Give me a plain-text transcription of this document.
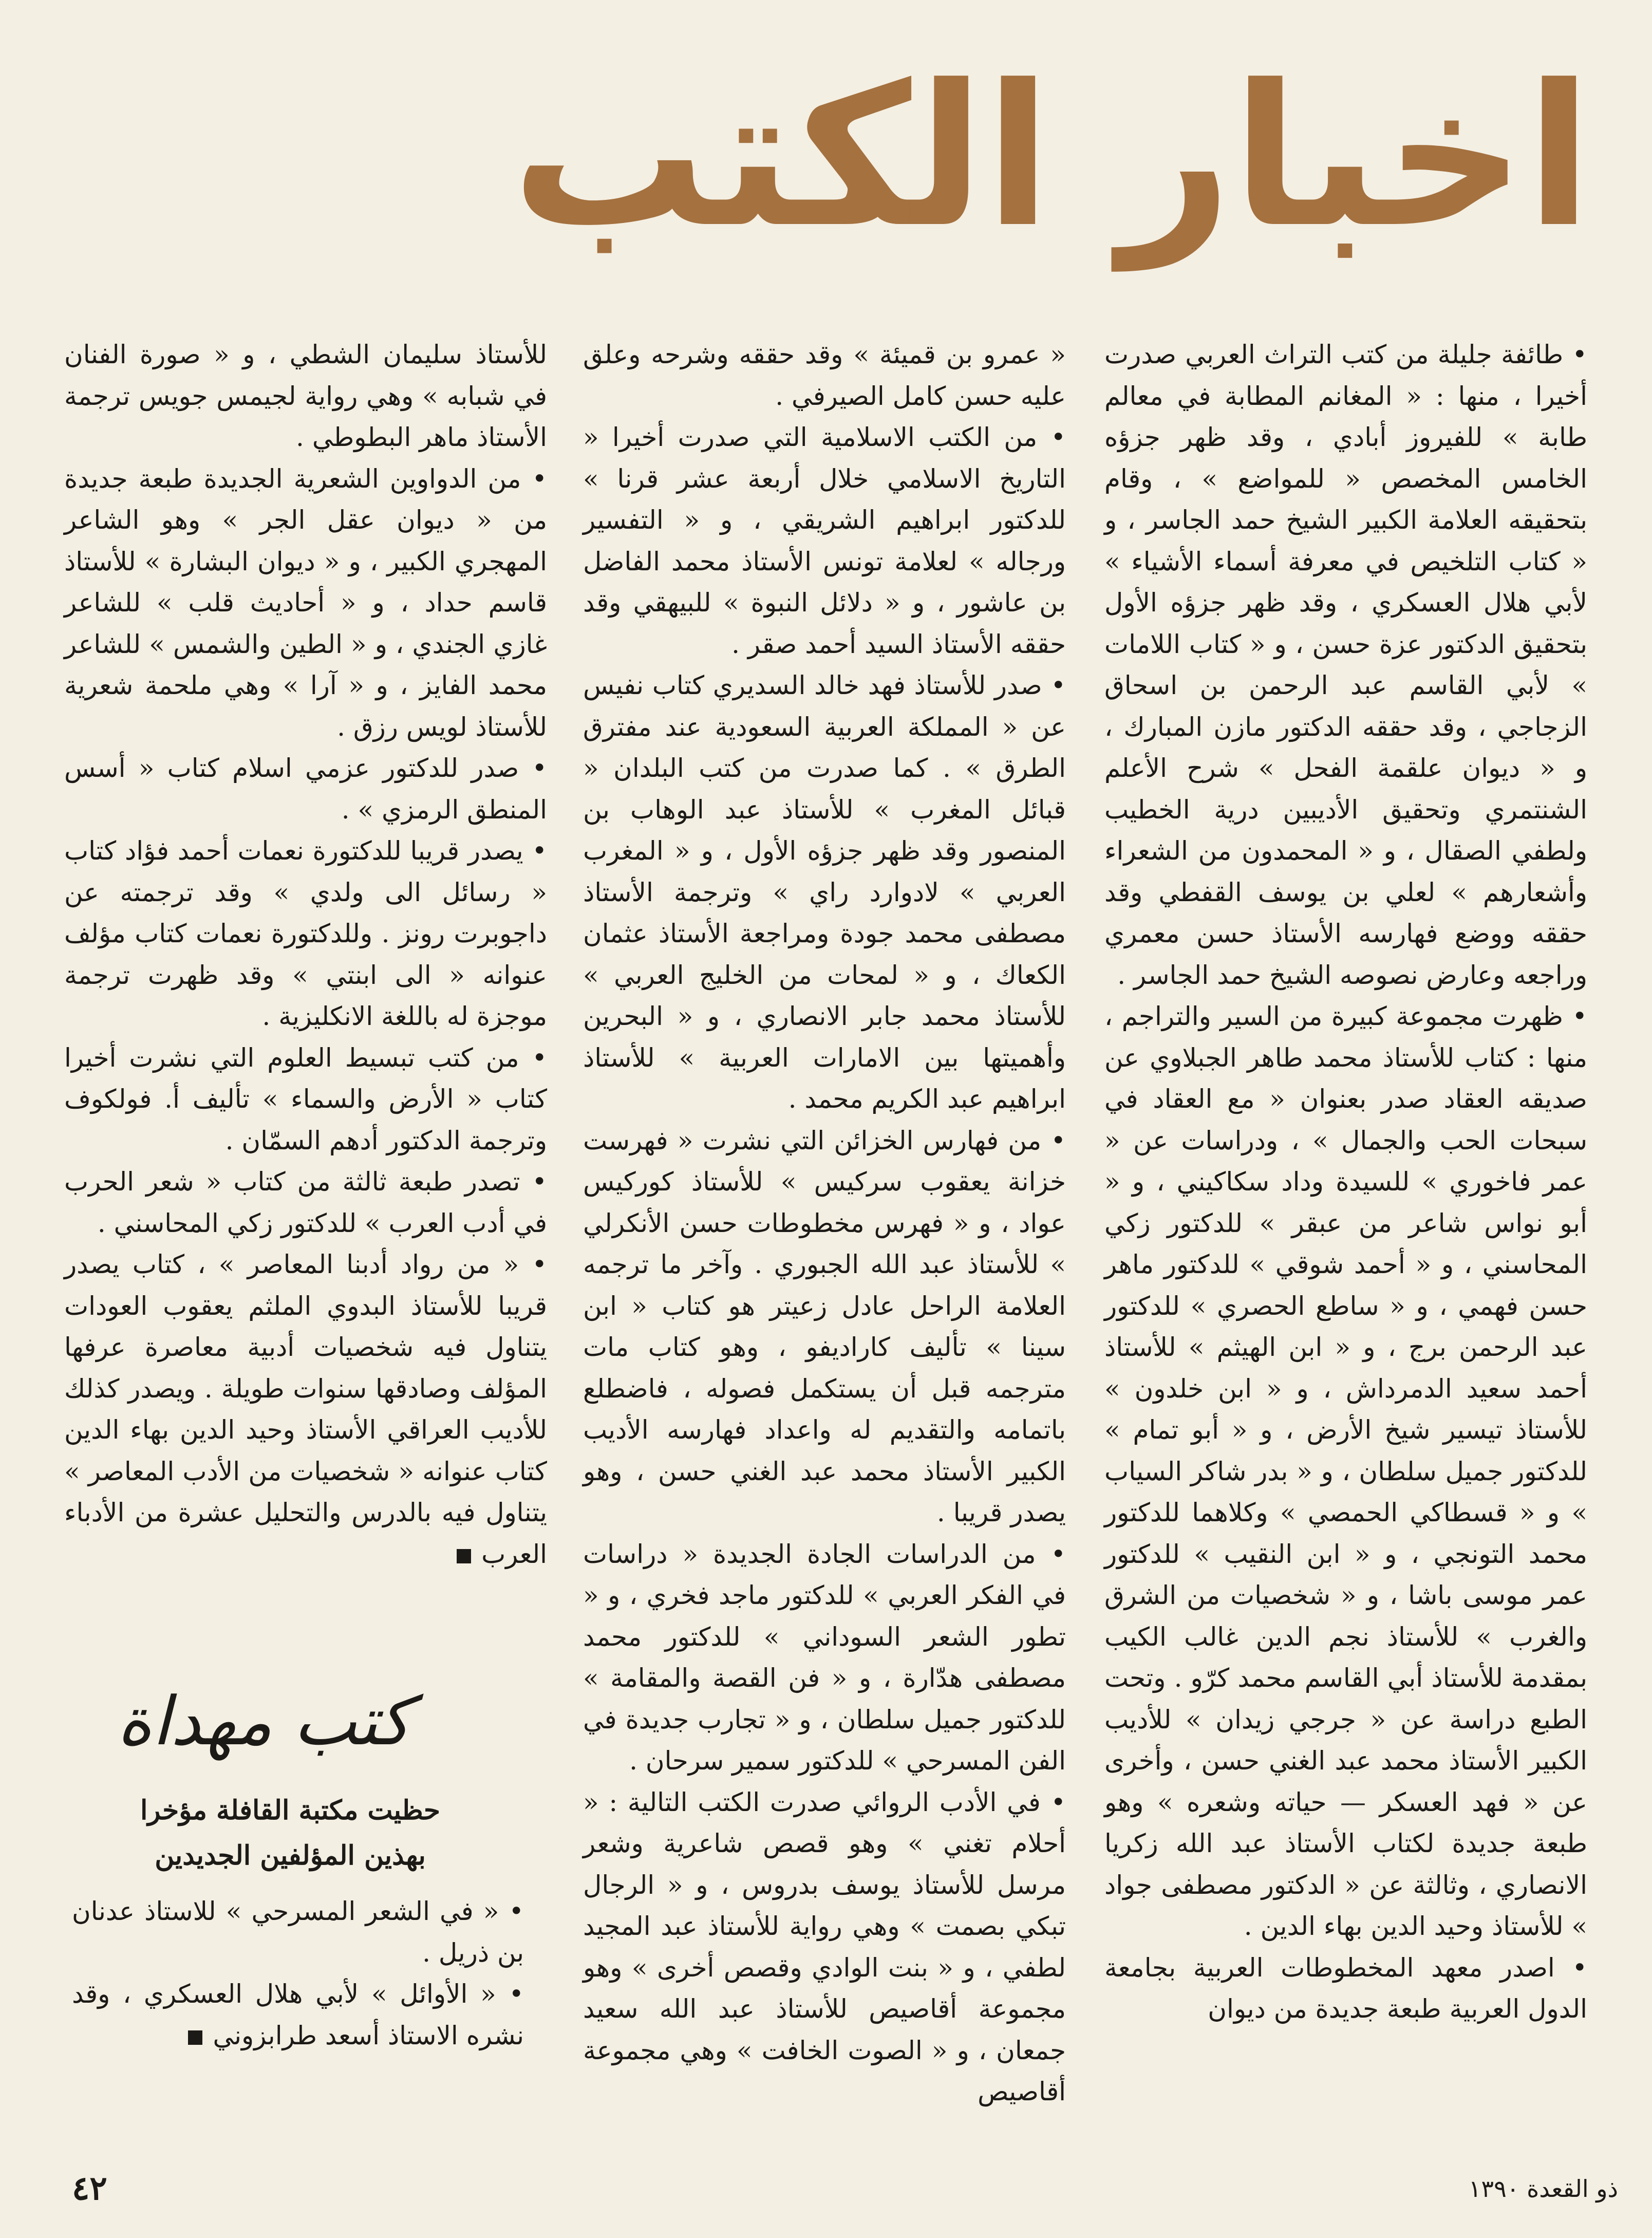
اخبار الكتب

• طائفة جليلة من كتب التراث العربي صدرت أخيرا ، منها : « المغانم المطابة في معالم طابة » للفيروز أبادي ، وقد ظهر جزؤه الخامس المخصص « للمواضع » ، وقام بتحقيقه العلامة الكبير الشيخ حمد الجاسر ، و « كتاب التلخيص في معرفة أسماء الأشياء » لأبي هلال العسكري ، وقد ظهر جزؤه الأول بتحقيق الدكتور عزة حسن ، و « كتاب اللامات » لأبي القاسم عبد الرحمن بن اسحاق الزجاجي ، وقد حققه الدكتور مازن المبارك ، و « ديوان علقمة الفحل » شرح الأعلم الشنتمري وتحقيق الأديبين درية الخطيب ولطفي الصقال ، و « المحمدون من الشعراء وأشعارهم » لعلي بن يوسف القفطي وقد حققه ووضع فهارسه الأستاذ حسن معمري وراجعه وعارض نصوصه الشيخ حمد الجاسر .

• ظهرت مجموعة كبيرة من السير والتراجم ، منها : كتاب للأستاذ محمد طاهر الجبلاوي عن صديقه العقاد صدر بعنوان « مع العقاد في سبحات الحب والجمال » ، ودراسات عن « عمر فاخوري » للسيدة وداد سكاكيني ، و « أبو نواس شاعر من عبقر » للدكتور زكي المحاسني ، و « أحمد شوقي » للدكتور ماهر حسن فهمي ، و « ساطع الحصري » للدكتور عبد الرحمن برج ، و « ابن الهيثم » للأستاذ أحمد سعيد الدمرداش ، و « ابن خلدون » للأستاذ تيسير شيخ الأرض ، و « أبو تمام » للدكتور جميل سلطان ، و « بدر شاكر السياب » و « قسطاكي الحمصي » وكلاهما للدكتور محمد التونجي ، و « ابن النقيب » للدكتور عمر موسى باشا ، و « شخصيات من الشرق والغرب » للأستاذ نجم الدين غالب الكيب بمقدمة للأستاذ أبي القاسم محمد كرّو . وتحت الطبع دراسة عن « جرجي زيدان » للأديب الكبير الأستاذ محمد عبد الغني حسن ، وأخرى عن « فهد العسكر — حياته وشعره » وهو طبعة جديدة لكتاب الأستاذ عبد الله زكريا الانصاري ، وثالثة عن « الدكتور مصطفى جواد » للأستاذ وحيد الدين بهاء الدين .

• اصدر معهد المخطوطات العربية بجامعة الدول العربية طبعة جديدة من ديوان

« عمرو بن قميئة » وقد حققه وشرحه وعلق عليه حسن كامل الصيرفي .

• من الكتب الاسلامية التي صدرت أخيرا « التاريخ الاسلامي خلال أربعة عشر قرنا » للدكتور ابراهيم الشريقي ، و « التفسير ورجاله » لعلامة تونس الأستاذ محمد الفاضل بن عاشور ، و « دلائل النبوة » للبيهقي وقد حققه الأستاذ السيد أحمد صقر .

• صدر للأستاذ فهد خالد السديري كتاب نفيس عن « المملكة العربية السعودية عند مفترق الطرق » . كما صدرت من كتب البلدان « قبائل المغرب » للأستاذ عبد الوهاب بن المنصور وقد ظهر جزؤه الأول ، و « المغرب العربي » لادوارد راي » وترجمة الأستاذ مصطفى محمد جودة ومراجعة الأستاذ عثمان الكعاك ، و « لمحات من الخليج العربي » للأستاذ محمد جابر الانصاري ، و « البحرين وأهميتها بين الامارات العربية » للأستاذ ابراهيم عبد الكريم محمد .

• من فهارس الخزائن التي نشرت « فهرست خزانة يعقوب سركيس » للأستاذ كوركيس عواد ، و « فهرس مخطوطات حسن الأنكرلي » للأستاذ عبد الله الجبوري . وآخر ما ترجمه العلامة الراحل عادل زعيتر هو كتاب « ابن سينا » تأليف كاراديفو ، وهو كتاب مات مترجمه قبل أن يستكمل فصوله ، فاضطلع باتمامه والتقديم له واعداد فهارسه الأديب الكبير الأستاذ محمد عبد الغني حسن ، وهو يصدر قريبا .

• من الدراسات الجادة الجديدة « دراسات في الفكر العربي » للدكتور ماجد فخري ، و « تطور الشعر السوداني » للدكتور محمد مصطفى هدّارة ، و « فن القصة والمقامة » للدكتور جميل سلطان ، و « تجارب جديدة في الفن المسرحي » للدكتور سمير سرحان .

• في الأدب الروائي صدرت الكتب التالية : « أحلام تغني » وهو قصص شاعرية وشعر مرسل للأستاذ يوسف بدروس ، و « الرجال تبكي بصمت » وهي رواية للأستاذ عبد المجيد لطفي ، و « بنت الوادي وقصص أخرى » وهو مجموعة أقاصيص للأستاذ عبد الله سعيد جمعان ، و « الصوت الخافت » وهي مجموعة أقاصيص

للأستاذ سليمان الشطي ، و « صورة الفنان في شبابه » وهي رواية لجيمس جويس ترجمة الأستاذ ماهر البطوطي .

• من الدواوين الشعرية الجديدة طبعة جديدة من « ديوان عقل الجر » وهو الشاعر المهجري الكبير ، و « ديوان البشارة » للأستاذ قاسم حداد ، و « أحاديث قلب » للشاعر غازي الجندي ، و « الطين والشمس » للشاعر محمد الفايز ، و « آرا » وهي ملحمة شعرية للأستاذ لويس رزق .

• صدر للدكتور عزمي اسلام كتاب « أسس المنطق الرمزي » .

• يصدر قريبا للدكتورة نعمات أحمد فؤاد كتاب « رسائل الى ولدي » وقد ترجمته عن داجوبرت رونز . وللدكتورة نعمات كتاب مؤلف عنوانه « الى ابنتي » وقد ظهرت ترجمة موجزة له باللغة الانكليزية .

• من كتب تبسيط العلوم التي نشرت أخيرا كتاب « الأرض والسماء » تأليف أ. فولكوف وترجمة الدكتور أدهم السمّان .

• تصدر طبعة ثالثة من كتاب « شعر الحرب في أدب العرب » للدكتور زكي المحاسني .

• « من رواد أدبنا المعاصر » ، كتاب يصدر قريبا للأستاذ البدوي الملثم يعقوب العودات يتناول فيه شخصيات أدبية معاصرة عرفها المؤلف وصادقها سنوات طويلة . ويصدر كذلك للأديب العراقي الأستاذ وحيد الدين بهاء الدين كتاب عنوانه « شخصيات من الأدب المعاصر » يتناول فيه بالدرس والتحليل عشرة من الأدباء العرب

كتب مهداة
حظيت مكتبة القافلة مؤخرا بهذين المؤلفين الجديدين

• « في الشعر المسرحي » للاستاذ عدنان بن ذريل .

• « الأوائل » لأبي هلال العسكري ، وقد نشره الاستاذ أسعد طرابزوني

٤٢	ذو القعدة ١٣٩٠
